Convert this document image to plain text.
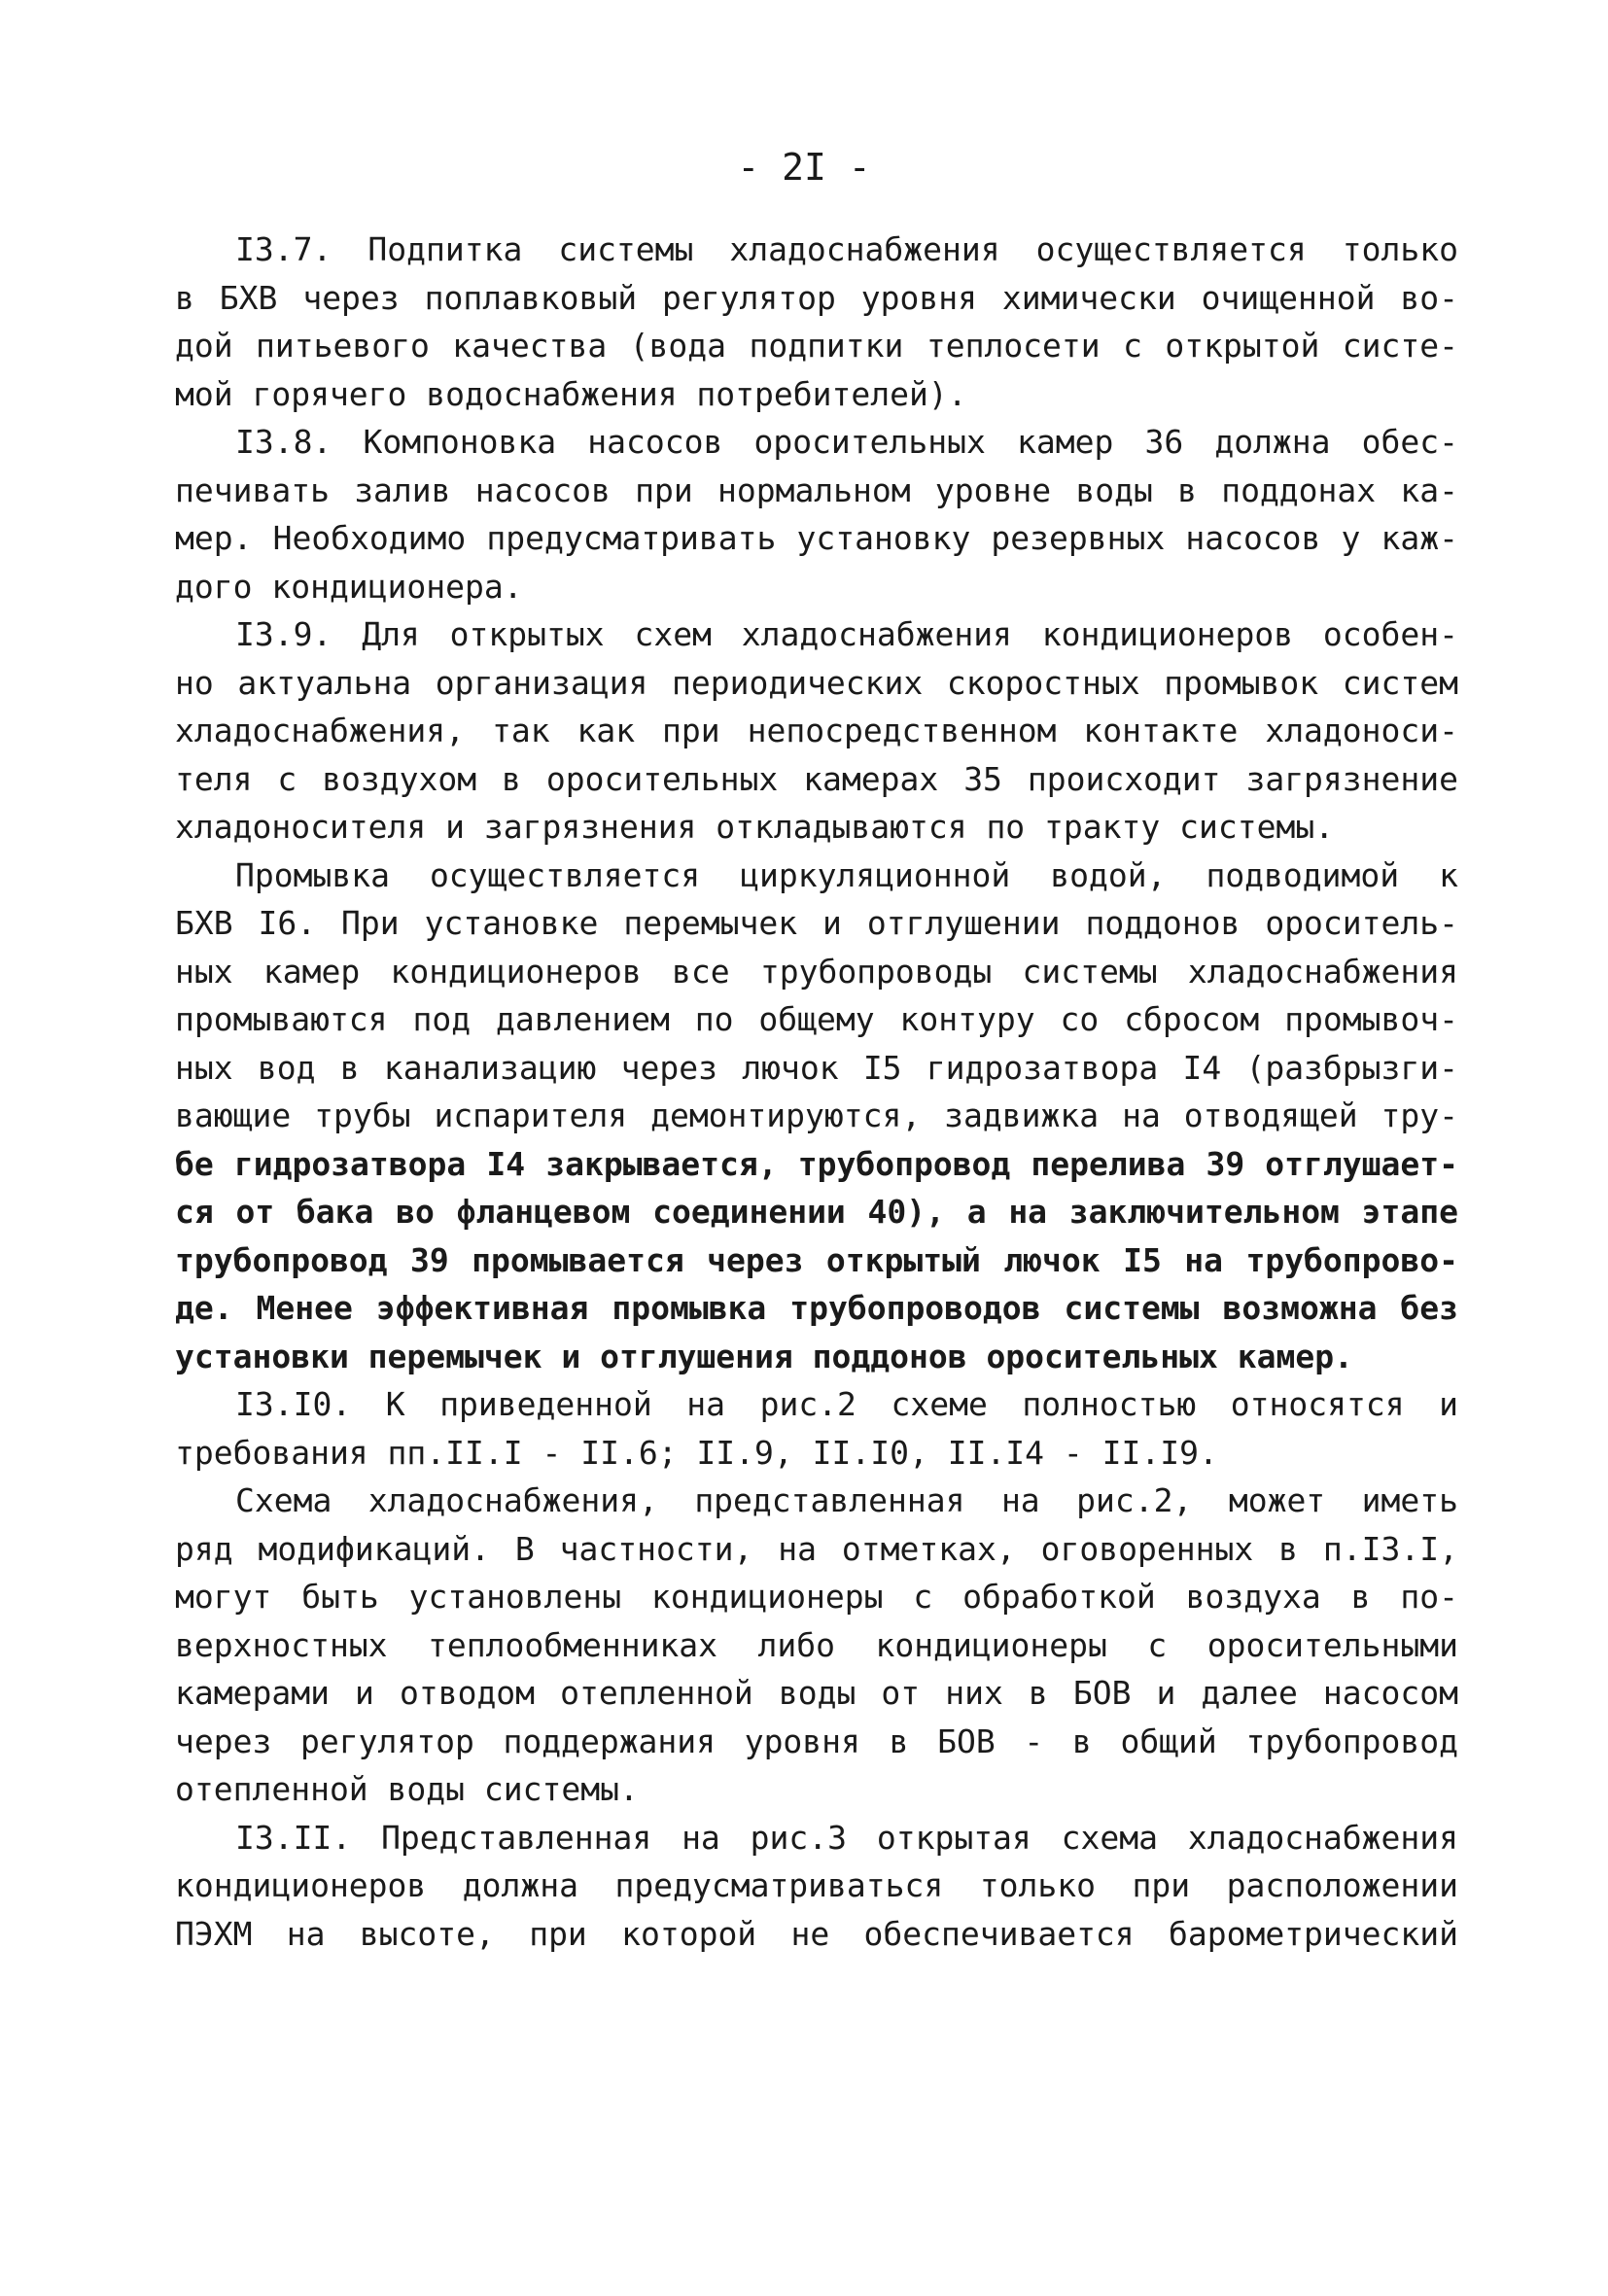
- 2I -
I3.7. Подпитка системы хладоснабжения осуществляется только
в БХВ через поплавковый регулятор уровня химически очищенной во-
дой питьевого качества (вода подпитки теплосети с открытой систе-
мой горячего водоснабжения потребителей).
I3.8. Компоновка насосов оросительных камер 36 должна обес-
печивать залив насосов при нормальном уровне воды в поддонах ка-
мер. Необходимо предусматривать установку резервных насосов у каж-
дого кондиционера.
I3.9. Для открытых схем хладоснабжения кондиционеров особен-
но актуальна организация периодических скоростных промывок систем
хладоснабжения, так как при непосредственном контакте хладоноси-
теля с воздухом в оросительных камерах 35 происходит загрязнение
хладоносителя и загрязнения откладываются по тракту системы.
Промывка осуществляется циркуляционной водой, подводимой к
БХВ I6. При установке перемычек и отглушении поддонов ороситель-
ных камер кондиционеров все трубопроводы системы хладоснабжения
промываются под давлением по общему контуру со сбросом промывоч-
ных вод в канализацию через лючок I5 гидрозатвора I4 (разбрызги-
вающие трубы испарителя демонтируются, задвижка на отводящей тру-
бе гидрозатвора I4 закрывается, трубопровод перелива 39 отглушает-
ся от бака во фланцевом соединении 40), а на заключительном этапе
трубопровод 39 промывается через открытый лючок I5 на трубопрово-
де. Менее эффективная промывка трубопроводов системы возможна без
установки перемычек и отглушения поддонов оросительных камер.
I3.I0. К приведенной на рис.2 схеме полностью относятся и
требования пп.II.I - II.6; II.9, II.I0, II.I4 - II.I9.
Схема хладоснабжения, представленная на рис.2, может иметь
ряд модификаций. В частности, на отметках, оговоренных в п.I3.I,
могут быть установлены кондиционеры с обработкой воздуха в по-
верхностных теплообменниках либо кондиционеры с оросительными
камерами и отводом отепленной воды от них в БОВ и далее насосом
через регулятор поддержания уровня в БОВ - в общий трубопровод
отепленной воды системы.
I3.II. Представленная на рис.3 открытая схема хладоснабжения
кондиционеров должна предусматриваться только при расположении
ПЭХМ на высоте, при которой не обеспечивается барометрический
